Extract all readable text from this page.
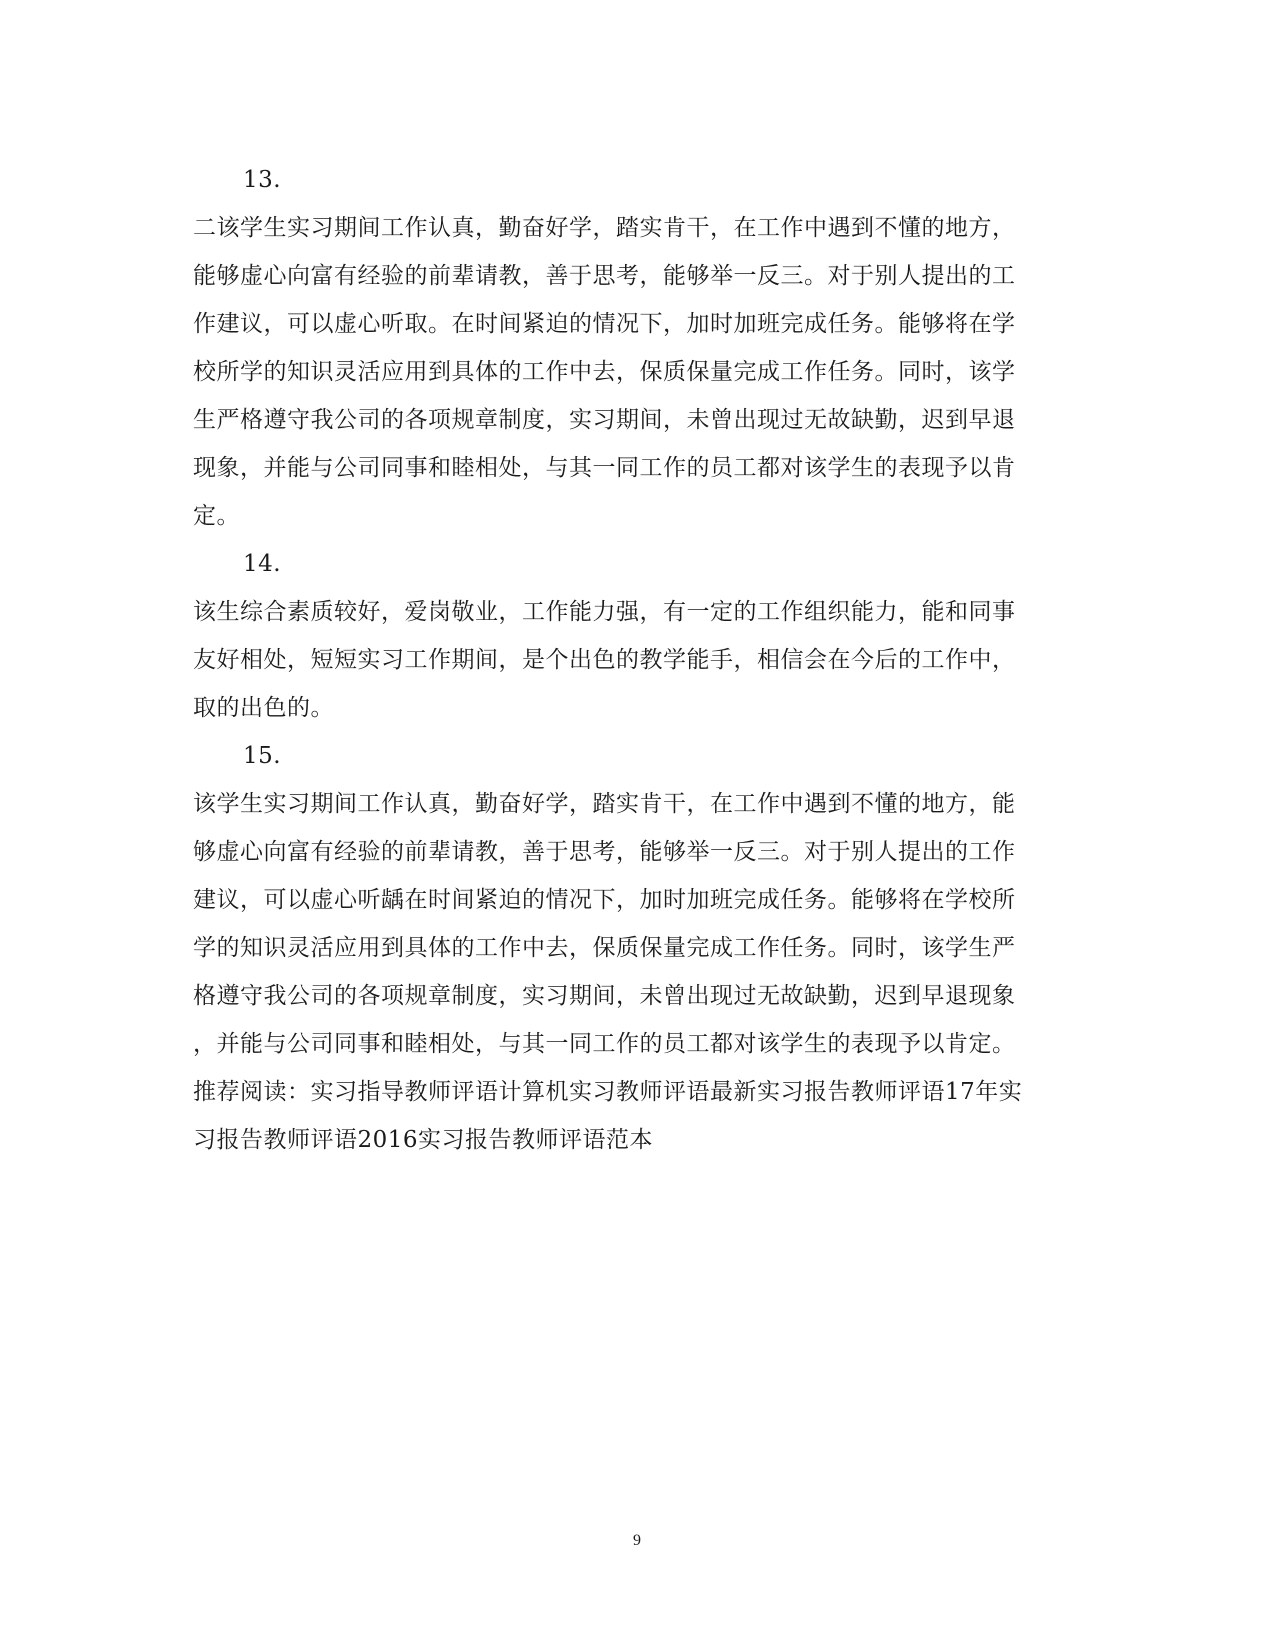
13.
二该学生实习期间工作认真，勤奋好学，踏实肯干，在工作中遇到不懂的地方，
能够虚心向富有经验的前辈请教，善于思考，能够举一反三。对于别人提出的工
作建议，可以虚心听取。在时间紧迫的情况下，加时加班完成任务。能够将在学
校所学的知识灵活应用到具体的工作中去，保质保量完成工作任务。同时，该学
生严格遵守我公司的各项规章制度，实习期间，未曾出现过无故缺勤，迟到早退
现象，并能与公司同事和睦相处，与其一同工作的员工都对该学生的表现予以肯
定。
14.
该生综合素质较好，爱岗敬业，工作能力强，有一定的工作组织能力，能和同事
友好相处，短短实习工作期间，是个出色的教学能手，相信会在今后的工作中，
取的出色的。
15.
该学生实习期间工作认真，勤奋好学，踏实肯干，在工作中遇到不懂的地方，能
够虚心向富有经验的前辈请教，善于思考，能够举一反三。对于别人提出的工作
建议，可以虚心听龋在时间紧迫的情况下，加时加班完成任务。能够将在学校所
学的知识灵活应用到具体的工作中去，保质保量完成工作任务。同时，该学生严
格遵守我公司的各项规章制度，实习期间，未曾出现过无故缺勤，迟到早退现象
，并能与公司同事和睦相处，与其一同工作的员工都对该学生的表现予以肯定。
推荐阅读：实习指导教师评语计算机实习教师评语最新实习报告教师评语17年实
习报告教师评语2016实习报告教师评语范本
9
